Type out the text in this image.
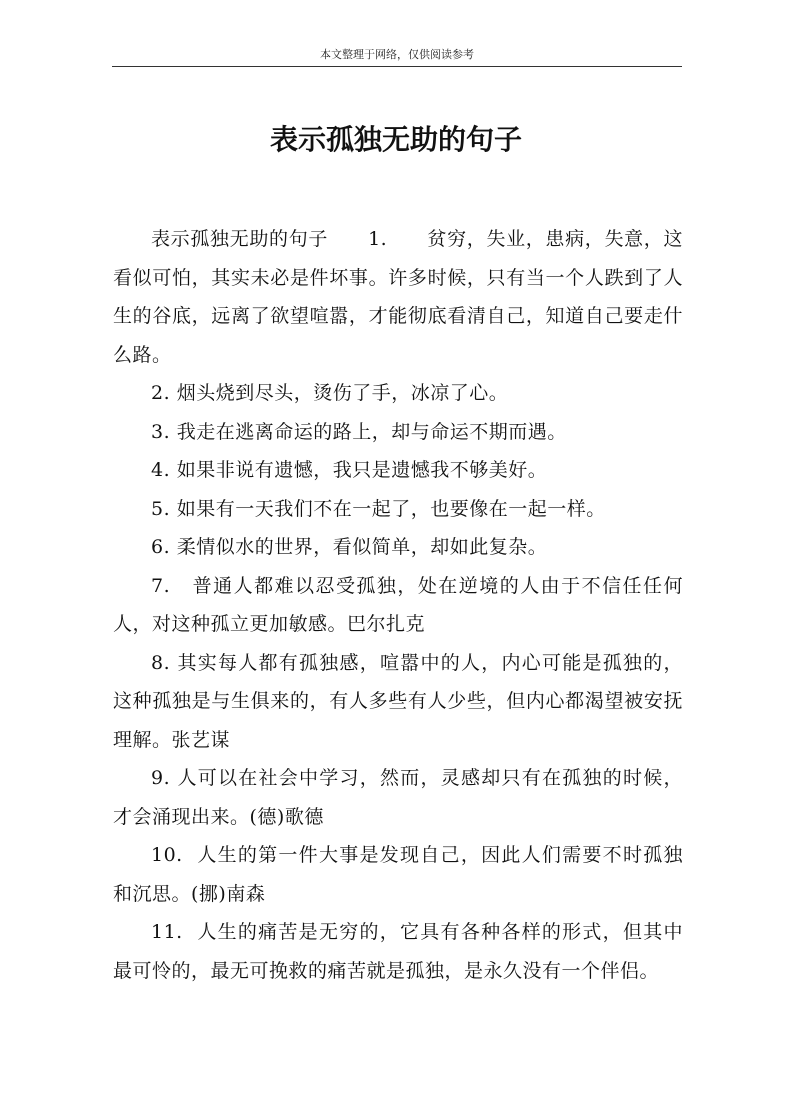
本文整理于网络，仅供阅读参考
表示孤独无助的句子

表示孤独无助的句子 1. 贫穷，失业，患病，失意，这看似可怕，其实未必是件坏事。许多时候，只有当一个人跌到了人生的谷底，远离了欲望喧嚣，才能彻底看清自己，知道自己要走什么路。

2. 烟头烧到尽头，烫伤了手，冰凉了心。

3. 我走在逃离命运的路上，却与命运不期而遇。

4. 如果非说有遗憾，我只是遗憾我不够美好。

5. 如果有一天我们不在一起了，也要像在一起一样。

6. 柔情似水的世界，看似简单，却如此复杂。

7. 普通人都难以忍受孤独，处在逆境的人由于不信任任何人，对这种孤立更加敏感。巴尔扎克

8. 其实每人都有孤独感，喧嚣中的人，内心可能是孤独的，这种孤独是与生俱来的，有人多些有人少些，但内心都渴望被安抚理解。张艺谋

9. 人可以在社会中学习，然而，灵感却只有在孤独的时候，才会涌现出来。(德)歌德

10. 人生的第一件大事是发现自己，因此人们需要不时孤独和沉思。(挪)南森

11. 人生的痛苦是无穷的，它具有各种各样的形式，但其中最可怜的，最无可挽救的痛苦就是孤独，是永久没有一个伴侣。
